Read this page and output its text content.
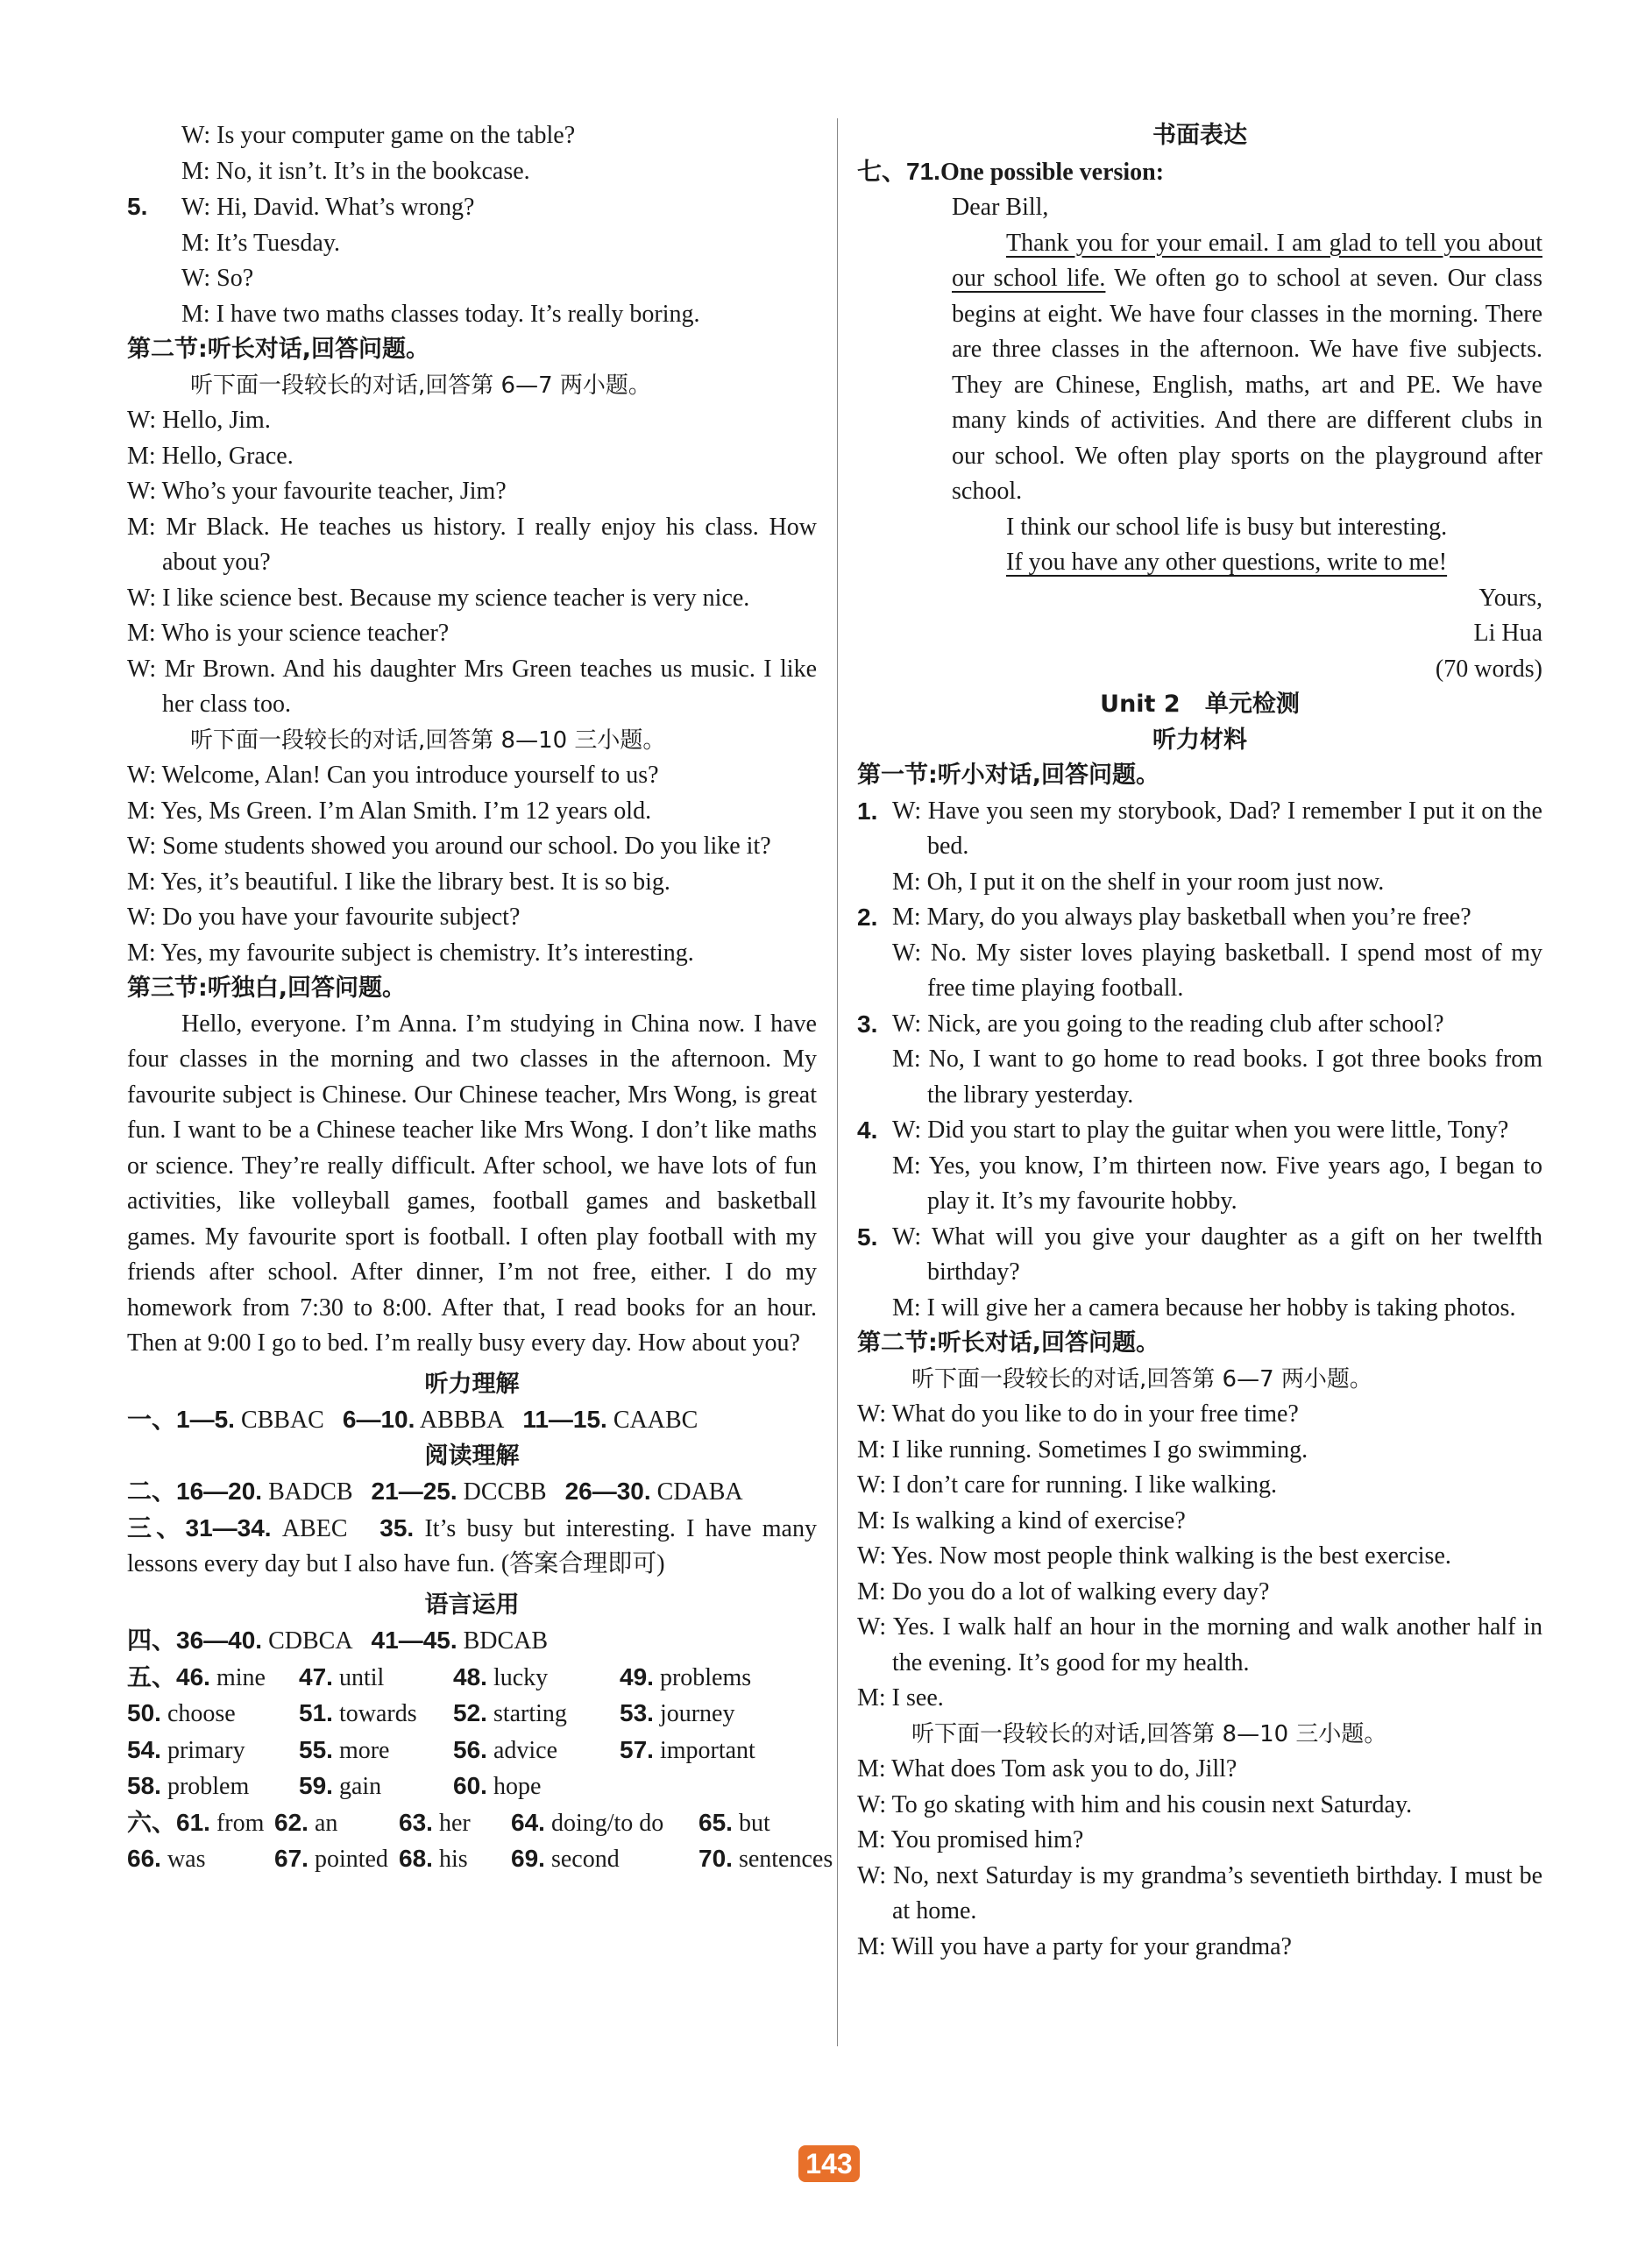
W: Is your computer game on the table?
M: No, it isn’t. It’s in the bookcase.
5. W: Hi, David. What’s wrong?
M: It’s Tuesday.
W: So?
M: I have two maths classes today. It’s really boring.
第二节:听长对话,回答问题。
听下面一段较长的对话,回答第 6—7 两小题。
W: Hello, Jim.
M: Hello, Grace.
W: Who’s your favourite teacher, Jim?
M: Mr Black. He teaches us history. I really enjoy his class. How about you?
W: I like science best. Because my science teacher is very nice.
M: Who is your science teacher?
W: Mr Brown. And his daughter Mrs Green teaches us music. I like her class too.
听下面一段较长的对话,回答第 8—10 三小题。
W: Welcome, Alan! Can you introduce yourself to us?
M: Yes, Ms Green. I’m Alan Smith. I’m 12 years old.
W: Some students showed you around our school. Do you like it?
M: Yes, it’s beautiful. I like the library best. It is so big.
W: Do you have your favourite subject?
M: Yes, my favourite subject is chemistry. It’s interesting.
第三节:听独白,回答问题。
Hello, everyone. I’m Anna. I’m studying in China now. I have four classes in the morning and two classes in the afternoon. My favourite subject is Chinese. Our Chinese teacher, Mrs Wong, is great fun. I want to be a Chinese teacher like Mrs Wong. I don’t like maths or science. They’re really difficult. After school, we have lots of fun activities, like volleyball games, football games and basketball games. My favourite sport is football. I often play football with my friends after school. After dinner, I’m not free, either. I do my homework from 7:30 to 8:00. After that, I read books for an hour. Then at 9:00 I go to bed. I’m really busy every day. How about you?
听力理解
一、1—5. CBBAC 6—10. ABBBA 11—15. CAABC
阅读理解
二、16—20. BADCB 21—25. DCCBB 26—30. CDABA
三、31—34. ABEC 35. It’s busy but interesting. I have many lessons every day but I also have fun. (答案合理即可)
语言运用
四、36—40. CDBCA 41—45. BDCAB
五、46. mine 47. until	48. lucky	49. problems
50. choose	51. towards 52. starting 53. journey
54. primary 55. more	56. advice	57. important
58. problem 59. gain	60. hope
六、61. from 62. an 63. her 64. doing/to do 65. but
66. was	67. pointed 68. his 69. second	70. sentences
书面表达
七、71.One possible version:
Dear Bill,
Thank you for your email. I am glad to tell you about our school life. We often go to school at seven. Our class begins at eight. We have four classes in the morning. There are three classes in the afternoon. We have five subjects. They are Chinese, English, maths, art and PE. We have many kinds of activities. And there are different clubs in our school. We often play sports on the playground after school.
I think our school life is busy but interesting.
If you have any other questions, write to me!
Yours,
Li Hua
(70 words)
Unit 2   单元检测
听力材料
第一节:听小对话,回答问题。
1. W: Have you seen my storybook, Dad? I remember I put it on the bed.
M: Oh, I put it on the shelf in your room just now.
2. M: Mary, do you always play basketball when you’re free?
W: No. My sister loves playing basketball. I spend most of my free time playing football.
3. W: Nick, are you going to the reading club after school?
M: No, I want to go home to read books. I got three books from the library yesterday.
4. W: Did you start to play the guitar when you were little, Tony?
M: Yes, you know, I’m thirteen now. Five years ago, I began to play it. It’s my favourite hobby.
5. W: What will you give your daughter as a gift on her twelfth birthday?
M: I will give her a camera because her hobby is taking photos.
第二节:听长对话,回答问题。
听下面一段较长的对话,回答第 6—7 两小题。
W: What do you like to do in your free time?
M: I like running. Sometimes I go swimming.
W: I don’t care for running. I like walking.
M: Is walking a kind of exercise?
W: Yes. Now most people think walking is the best exercise.
M: Do you do a lot of walking every day?
W: Yes. I walk half an hour in the morning and walk another half in the evening. It’s good for my health.
M: I see.
听下面一段较长的对话,回答第 8—10 三小题。
M: What does Tom ask you to do, Jill?
W: To go skating with him and his cousin next Saturday.
M: You promised him?
W: No, next Saturday is my grandma’s seventieth birthday. I must be at home.
M: Will you have a party for your grandma?
143
